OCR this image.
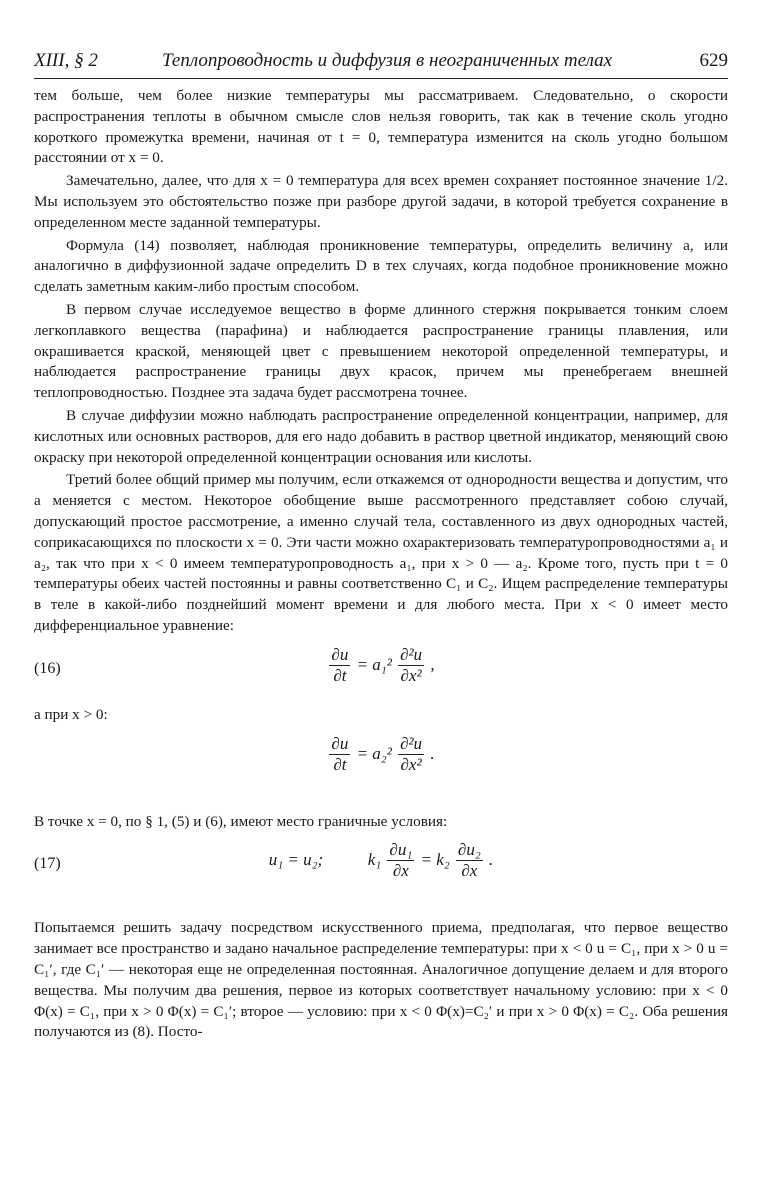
XIII, § 2	Теплопроводность и диффузия в неограниченных телах	629

тем больше, чем более низкие температуры мы рассматриваем. Следовательно, о скорости распространения теплоты в обычном смысле слов нельзя говорить, так как в течение сколь угодно короткого промежутка времени, начиная от t = 0, температура изменится на сколь угодно большом расстоянии от x = 0.

Замечательно, далее, что для x = 0 температура для всех времен сохраняет постоянное значение 1/2. Мы используем это обстоятельство позже при разборе другой задачи, в которой требуется сохранение в определенном месте заданной температуры.

Формула (14) позволяет, наблюдая проникновение температуры, определить величину a, или аналогично в диффузионной задаче определить D в тех случаях, когда подобное проникновение можно сделать заметным каким-либо простым способом.

В первом случае исследуемое вещество в форме длинного стержня покрывается тонким слоем легкоплавкого вещества (парафина) и наблюдается распространение границы плавления, или окрашивается краской, меняющей цвет с превышением некоторой определенной температуры, и наблюдается распространение границы двух красок, причем мы пренебрегаем внешней теплопроводностью. Позднее эта задача будет рассмотрена точнее.

В случае диффузии можно наблюдать распространение определенной концентрации, например, для кислотных или основных растворов, для его надо добавить в раствор цветной индикатор, меняющий свою окраску при некоторой определенной концентрации основания или кислоты.

Третий более общий пример мы получим, если откажемся от однородности вещества и допустим, что a меняется с местом. Некоторое обобщение выше рассмотренного представляет собою случай, допускающий простое рассмотрение, а именно случай тела, составленного из двух однородных частей, соприкасающихся по плоскости x = 0. Эти части можно охарактеризовать температуропроводностями a₁ и a₂, так что при x < 0 имеем температуропроводность a₁, при x > 0 — a₂. Кроме того, пусть при t = 0 температуры обеих частей постоянны и равны соответственно C₁ и C₂. Ищем распределение температуры в теле в какой-либо позднейший момент времени и для любого места. При x < 0 имеет место дифференциальное уравнение:

(16)	$\frac{\partial u}{\partial t} = a_1^2 \frac{\text{∂²u}}{\text{∂x²}}$ ,

а при x > 0:

$\frac{\partial u}{\partial t} = a_2^2 \frac{\text{∂²u}}{\text{∂x²}}$ .

В точке x = 0, по § 1, (5) и (6), имеют место граничные условия:

(17)	u₁ = u₂;	$k_1 \frac{\text{∂u₁}}{\partial x} = k_2 \frac{\text{∂u₂}}{\partial x}$ .

Попытаемся решить задачу посредством искусственного приема, предполагая, что первое вещество занимает все пространство и задано начальное распределение температуры: при x < 0 u = C₁, при x > 0 u = C₁′, где C₁′ — некоторая еще не определенная постоянная. Аналогичное допущение делаем и для второго вещества. Мы получим два решения, первое из которых соответствует начальному условию: при x < 0 Φ(x) = C₁, при x > 0 Φ(x) = C₁′; второе — условию: при x < 0 Φ(x)=C₂′ и при x > 0 Φ(x) = C₂. Оба решения получаются из (8). Посто-
